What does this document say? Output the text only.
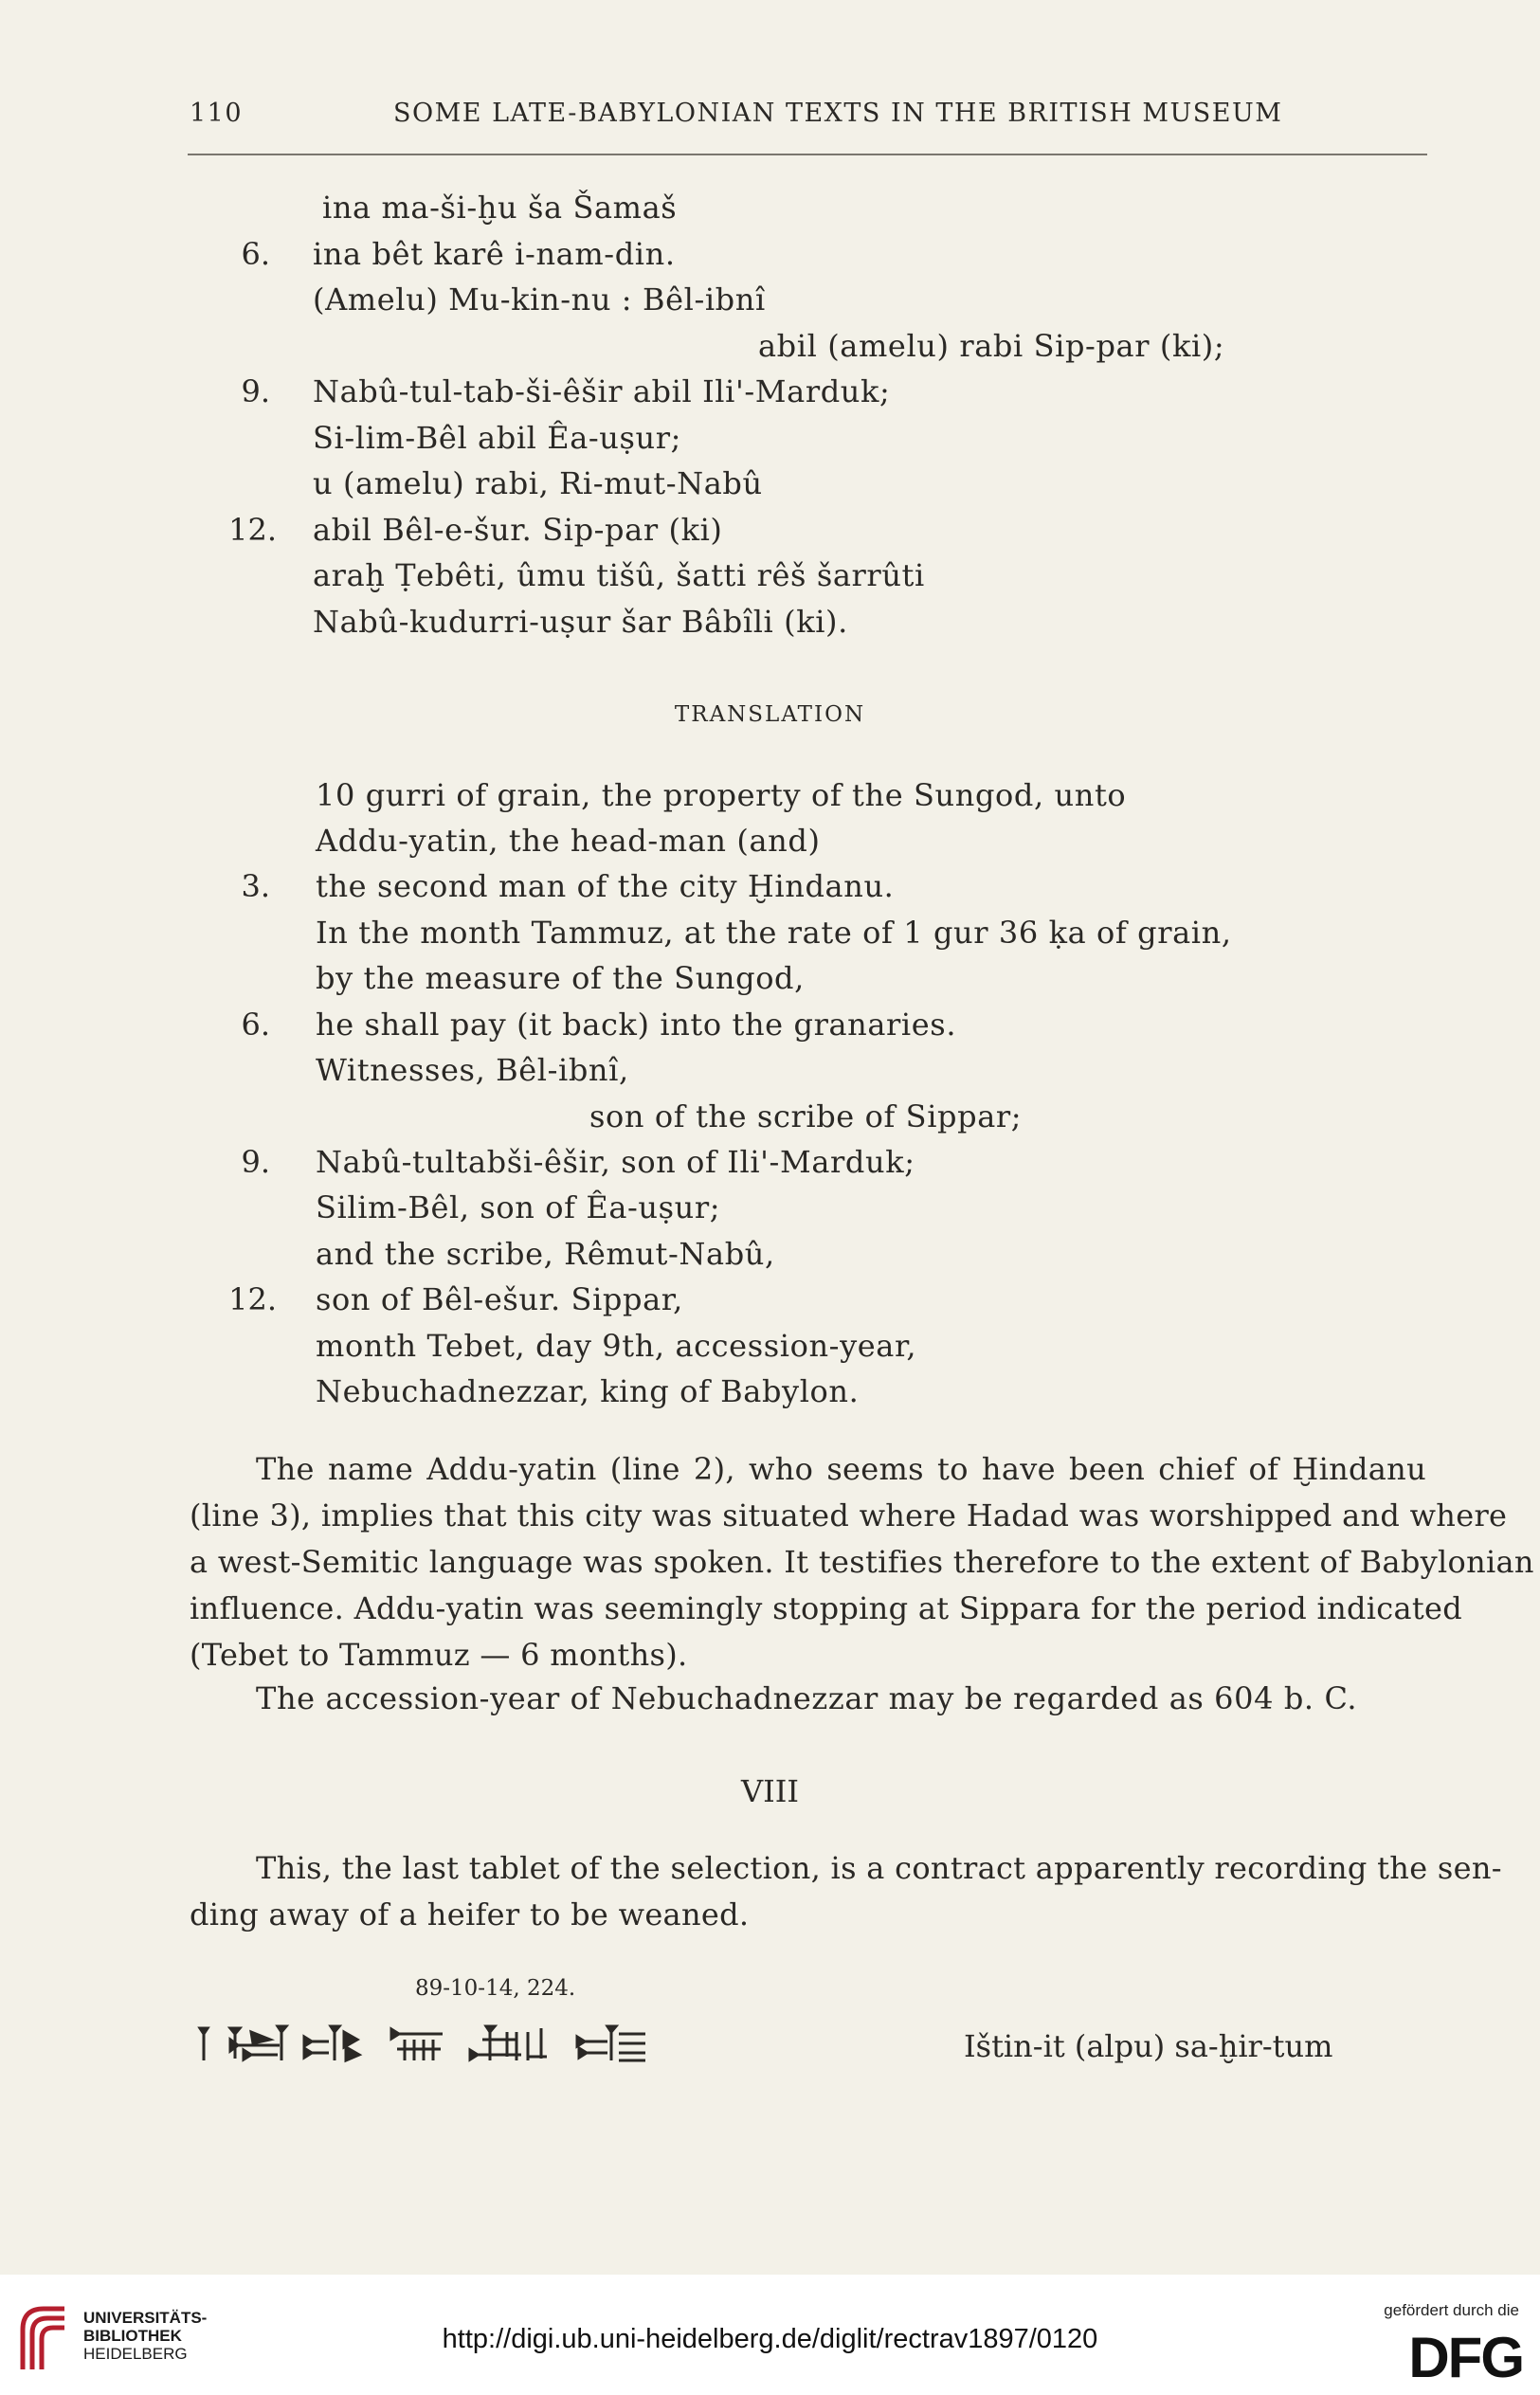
110	SOME LATE-BABYLONIAN TEXTS IN THE BRITISH MUSEUM
ina ma-ši-ḫu ša Šamaš
6. ina bêt karê i-nam-din.
(Amelu) Mu-kin-nu : Bêl-ibnî
abil (amelu) rabi Sip-par (ki);
9. Nabû-tul-tab-ši-êšir abil Ili'-Marduk;
Si-lim-Bêl abil Êa-uṣur;
u (amelu) rabi, Ri-mut-Nabû
12. abil Bêl-e-šur. Sip-par (ki)
araḫ Ṭebêti, ûmu tišû, šatti rêš šarrûti
Nabû-kudurri-uṣur šar Bâbîli (ki).
TRANSLATION
10 gurri of grain, the property of the Sungod, unto
Addu-yatin, the head-man (and)
3. the second man of the city Ḫindanu.
In the month Tammuz, at the rate of 1 gur 36 ḳa of grain,
by the measure of the Sungod,
6. he shall pay (it back) into the granaries.
Witnesses, Bêl-ibnî,
son of the scribe of Sippar;
9. Nabû-tultabši-êšir, son of Ili'-Marduk;
Silim-Bêl, son of Êa-uṣur;
and the scribe, Rêmut-Nabû,
12. son of Bêl-ešur. Sippar,
month Tebet, day 9th, accession-year,
Nebuchadnezzar, king of Babylon.
The name Addu-yatin (line 2), who seems to have been chief of Ḫindanu
(line 3), implies that this city was situated where Hadad was worshipped and where
a west-Semitic language was spoken. It testifies therefore to the extent of Babylonian
influence. Addu-yatin was seemingly stopping at Sippara for the period indicated
(Tebet to Tammuz — 6 months).
The accession-year of Nebuchadnezzar may be regarded as 604 b. C.
VIII
This, the last tablet of the selection, is a contract apparently recording the sen-
ding away of a heifer to be weaned.
89-10-14, 224.
Ištin-it (alpu) sa-ḫir-tum
UNIVERSITÄTS-
BIBLIOTHEK
HEIDELBERG	http://digi.ub.uni-heidelberg.de/diglit/rectrav1897/0120
gefördert durch die
DFG
